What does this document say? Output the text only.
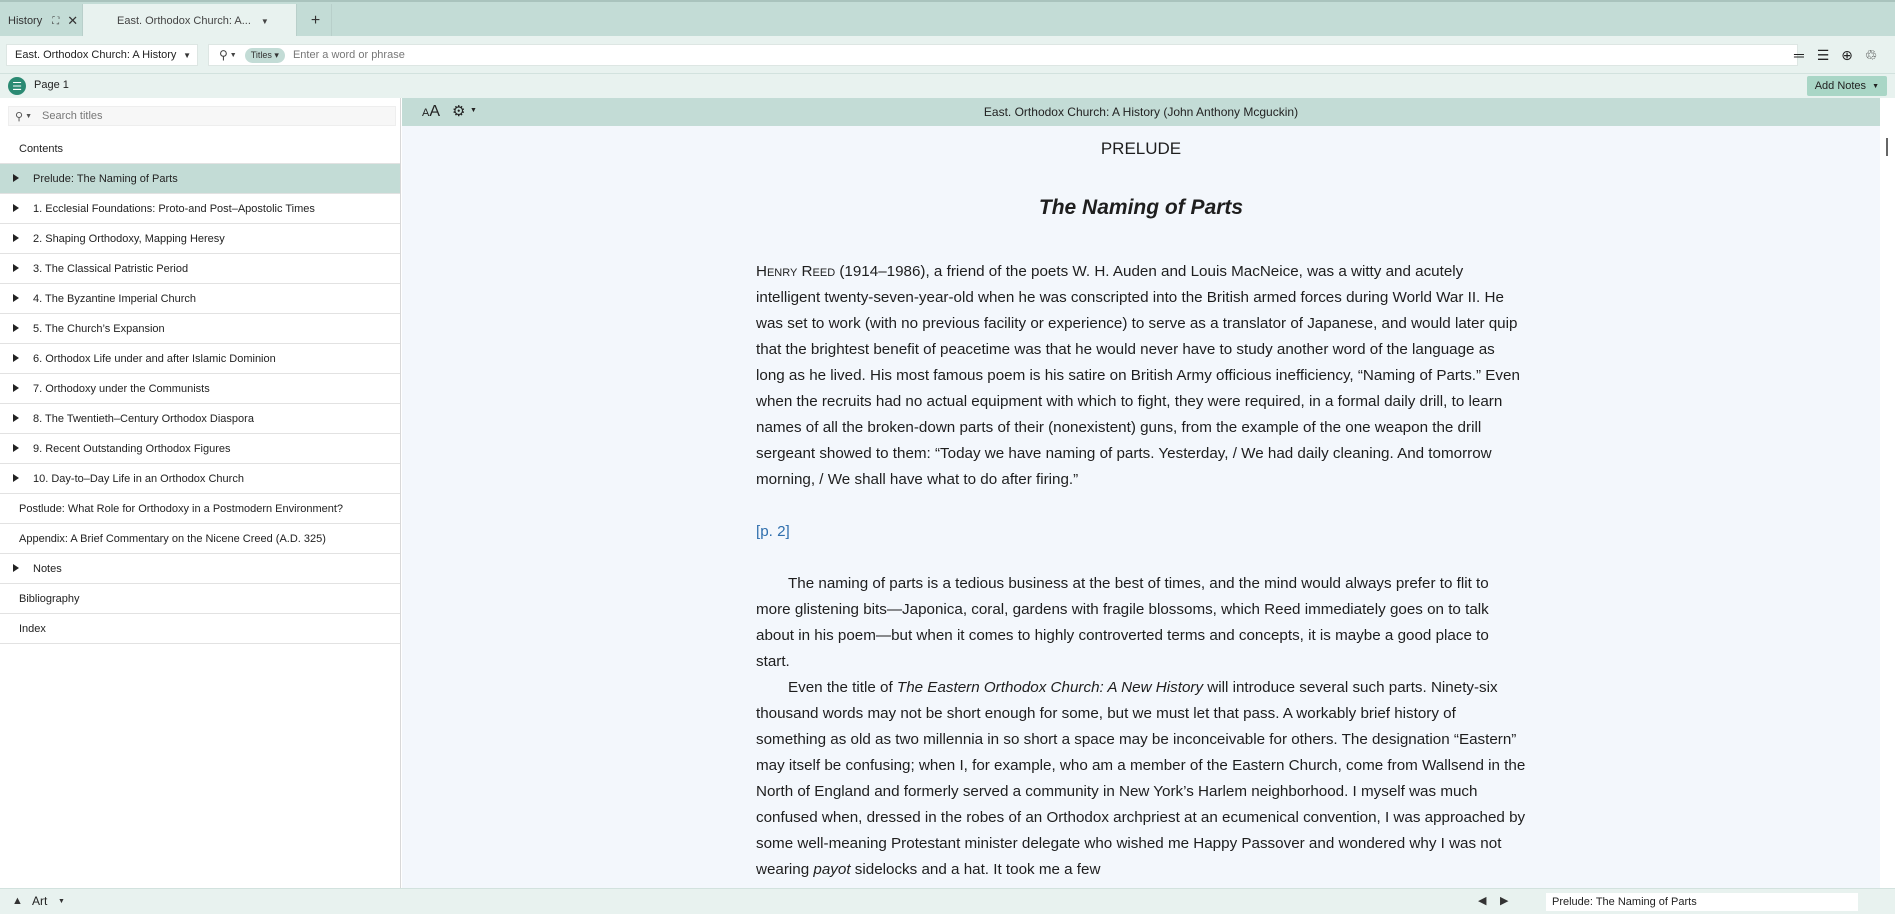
History ⛶ ✕	East. Orthodox Church: A... ▼	+
East. Orthodox Church: A History ▼ ⚲ ▼	Titles ▾
Enter a word or phrase	═ ☰ ⊕ ♲
☰	Page 1	Add Notes ▼
⚲ ▼
Search titles
Contents
Prelude: The Naming of Parts
1. Ecclesial Foundations: Proto-and Post–Apostolic Times
2. Shaping Orthodoxy, Mapping Heresy
3. The Classical Patristic Period
4. The Byzantine Imperial Church
5. The Church’s Expansion
6. Orthodox Life under and after Islamic Dominion
7. Orthodoxy under the Communists
8. The Twentieth–Century Orthodox Diaspora
9. Recent Outstanding Orthodox Figures
10. Day-to–Day Life in an Orthodox Church
Postlude: What Role for Orthodoxy in a Postmodern Environment?
Appendix: A Brief Commentary on the Nicene Creed (A.D. 325)
Notes
Bibliography
Index
AA ⚙ ▼	East. Orthodox Church: A History (John Anthony Mcguckin)
PRELUDE
The Naming of Parts

Henry Reed (1914–1986), a friend of the poets W. H. Auden and Louis MacNeice, was a witty and acutely intelligent twenty-seven-year-old when he was conscripted into the British armed forces during World War II. He was set to work (with no previous facility or experience) to serve as a translator of Japanese, and would later quip that the brightest benefit of peacetime was that he would never have to study another word of the language as long as he lived. His most famous poem is his satire on British Army officious inefficiency, “Naming of Parts.” Even when the recruits had no actual equipment with which to fight, they were required, in a formal daily drill, to learn names of all the broken-down parts of their (nonexistent) guns, from the example of the one weapon the drill sergeant showed to them: “Today we have naming of parts. Yesterday, / We had daily cleaning. And tomorrow morning, / We shall have what to do after firing.”

[p. 2]

The naming of parts is a tedious business at the best of times, and the mind would always prefer to flit to more glistening bits—Japonica, coral, gardens with fragile blossoms, which Reed immediately goes on to talk about in his poem—but when it comes to highly controverted terms and concepts, it is maybe a good place to start.

Even the title of The Eastern Orthodox Church: A New History will introduce several such parts. Ninety-six thousand words may not be short enough for some, but we must let that pass. A workably brief history of something as old as two millennia in so short a space may be inconceivable for others. The designation “Eastern” may itself be confusing; when I, for example, who am a member of the Eastern Church, come from Wallsend in the North of England and formerly served a community in New York’s Harlem neighborhood. I myself was much confused when, dressed in the robes of an Orthodox archpriest at an ecumenical convention, I was approached by some well-meaning Protestant minister delegate who wished me Happy Passover and wondered why I was not wearing payot sidelocks and a hat. It took me a few

▲ Art ▼	◀ ▶	Prelude: The Naming of Parts
